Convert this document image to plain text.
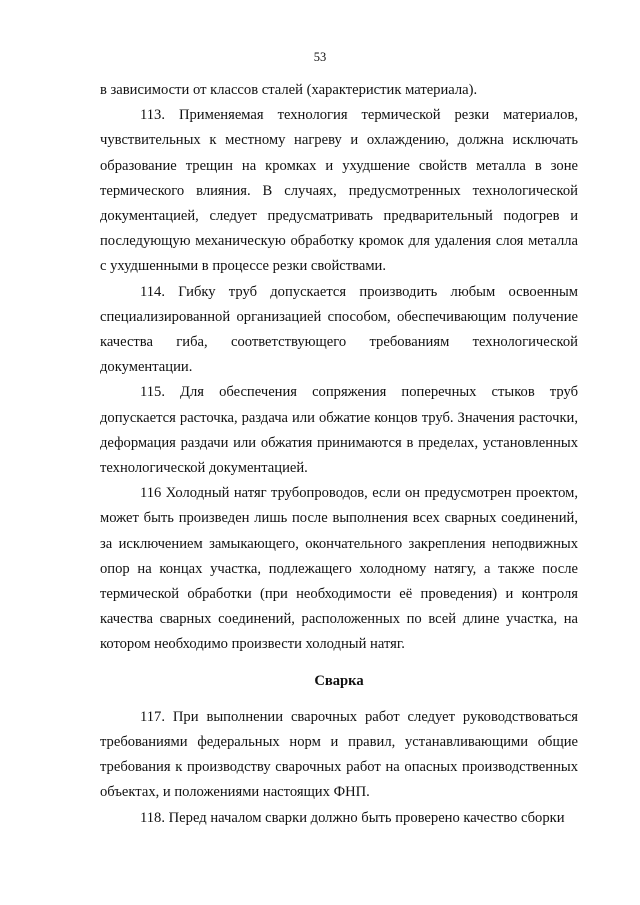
53

в зависимости от классов сталей (характеристик материала).

113. Применяемая технология термической резки материалов, чувствительных к местному нагреву и охлаждению, должна исключать образование трещин на кромках и ухудшение свойств металла в зоне термического влияния. В случаях, предусмотренных технологической документацией, следует предусматривать предварительный подогрев и последующую механическую обработку кромок для удаления слоя металла с ухудшенными в процессе резки свойствами.

114. Гибку труб допускается производить любым освоенным специализированной организацией способом, обеспечивающим получение качества гиба, соответствующего требованиям технологической документации.

115. Для обеспечения сопряжения поперечных стыков труб допускается расточка, раздача или обжатие концов труб. Значения расточки, деформация раздачи или обжатия принимаются в пределах, установленных технологической документацией.

116 Холодный натяг трубопроводов, если он предусмотрен проектом, может быть произведен лишь после выполнения всех сварных соединений, за исключением замыкающего, окончательного закрепления неподвижных опор на концах участка, подлежащего холодному натягу, а также после термической обработки (при необходимости её проведения) и контроля качества сварных соединений, расположенных по всей длине участка, на котором необходимо произвести холодный натяг.

Сварка

117. При выполнении сварочных работ следует руководствоваться требованиями федеральных норм и правил, устанавливающими общие требования к производству сварочных работ на опасных производственных объектах, и положениями настоящих ФНП.

118. Перед началом сварки должно быть проверено качество сборки
